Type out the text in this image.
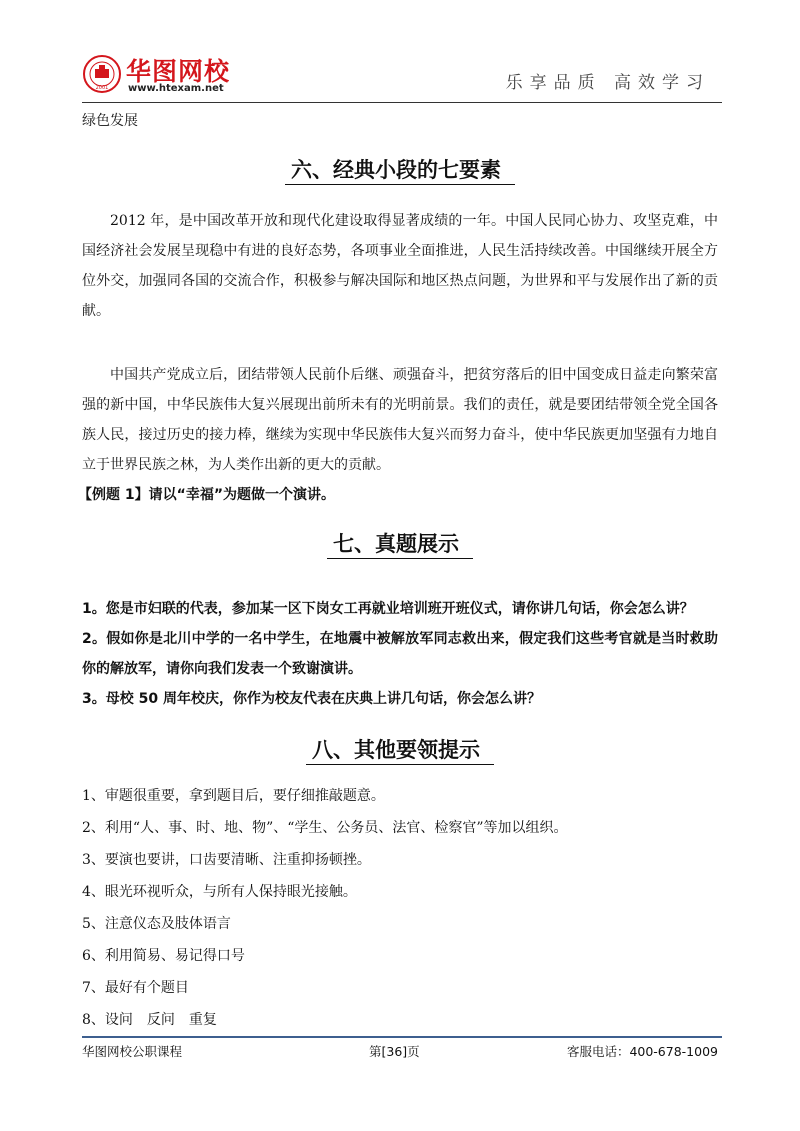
2001
华图网校
www.htexam.net	乐享品质 高效学习

绿色发展

六、经典小段的七要素

2012 年，是中国改革开放和现代化建设取得显著成绩的一年。中国人民同心协力、攻坚克难，中国经济社会发展呈现稳中有进的良好态势，各项事业全面推进，人民生活持续改善。中国继续开展全方位外交，加强同各国的交流合作，积极参与解决国际和地区热点问题，为世界和平与发展作出了新的贡献。

中国共产党成立后，团结带领人民前仆后继、顽强奋斗，把贫穷落后的旧中国变成日益走向繁荣富强的新中国，中华民族伟大复兴展现出前所未有的光明前景。我们的责任，就是要团结带领全党全国各族人民，接过历史的接力棒，继续为实现中华民族伟大复兴而努力奋斗，使中华民族更加坚强有力地自立于世界民族之林，为人类作出新的更大的贡献。

【例题 1】请以“幸福”为题做一个演讲。

七、真题展示

1。您是市妇联的代表，参加某一区下岗女工再就业培训班开班仪式，请你讲几句话，你会怎么讲？

2。假如你是北川中学的一名中学生，在地震中被解放军同志救出来，假定我们这些考官就是当时救助你的解放军，请你向我们发表一个致谢演讲。

3。母校 50 周年校庆，你作为校友代表在庆典上讲几句话，你会怎么讲？

八、其他要领提示

1、审题很重要，拿到题目后，要仔细推敲题意。

2、利用“人、事、时、地、物”、“学生、公务员、法官、检察官”等加以组织。

3、要演也要讲，口齿要清晰、注重抑扬顿挫。

4、眼光环视听众，与所有人保持眼光接触。

5、注意仪态及肢体语言

6、利用简易、易记得口号

7、最好有个题目

8、设问　反问　重复

华图网校公职课程	第[36]页	客服电话：400-678-1009
